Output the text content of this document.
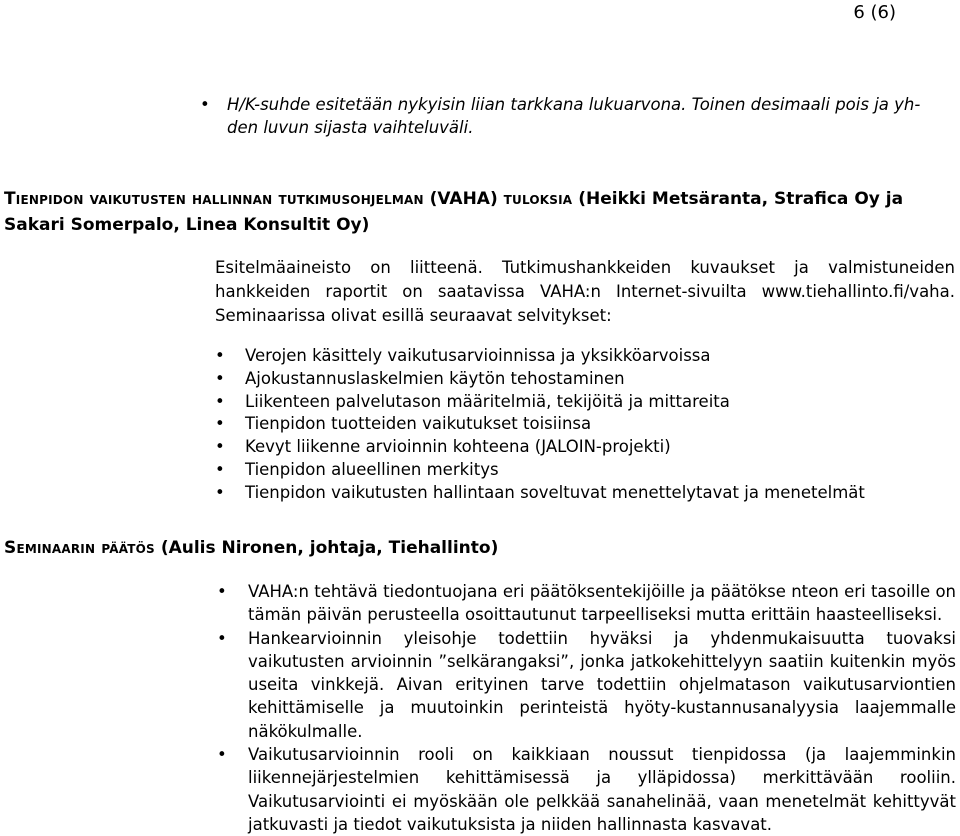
6 (6)
• H/K-suhde esitetään nykyisin liian tarkkana lukuarvona. Toinen desimaali pois ja yh-
den luvun sijasta vaihteluväli.
Tienpidon vaikutusten hallinnan tutkimusohjelman (VAHA) tuloksia (Heikki Metsäranta, Strafica Oy ja Sakari Somerpalo, Linea Konsultit Oy)

Esitelmäaineisto on liitteenä. Tutkimushankkeiden kuvaukset ja valmistuneiden hankkeiden raportit on saatavissa VAHA:n Internet-sivuilta www.tiehallinto.fi/vaha. Seminaarissa olivat esillä seuraavat selvitykset:

• Verojen käsittely vaikutusarvioinnissa ja yksikköarvoissa
• Ajokustannuslaskelmien käytön tehostaminen
• Liikenteen palvelutason määritelmiä, tekijöitä ja mittareita
• Tienpidon tuotteiden vaikutukset toisiinsa
• Kevyt liikenne arvioinnin kohteena (JALOIN-projekti)
• Tienpidon alueellinen merkitys
• Tienpidon vaikutusten hallintaan soveltuvat menettelytavat ja menetelmät
Seminaarin päätös (Aulis Nironen, johtaja, Tiehallinto)
• VAHA:n tehtävä tiedontuojana eri päätöksentekijöille ja päätökse nteon eri tasoille on tämän päivän perusteella osoittautunut tarpeelliseksi mutta erittäin haasteelliseksi.
• Hankearvioinnin yleisohje todettiin hyväksi ja yhdenmukaisuutta tuovaksi vaikutusten arvioinnin ”selkärangaksi”, jonka jatkokehittelyyn saatiin kuitenkin myös useita vinkkejä. Aivan erityinen tarve todettiin ohjelmatason vaikutusarviontien kehittämiselle ja muutoinkin perinteistä hyöty-kustannusanalyysia laajemmalle näkökulmalle.
• Vaikutusarvioinnin rooli on kaikkiaan noussut tienpidossa (ja laajemminkin liikennejärjestelmien kehittämisessä ja ylläpidossa) merkittävään rooliin. Vaikutusarviointi ei myöskään ole pelkkää sanahelinää, vaan menetelmät kehittyvät jatkuvasti ja tiedot vaikutuksista ja niiden hallinnasta kasvavat.
